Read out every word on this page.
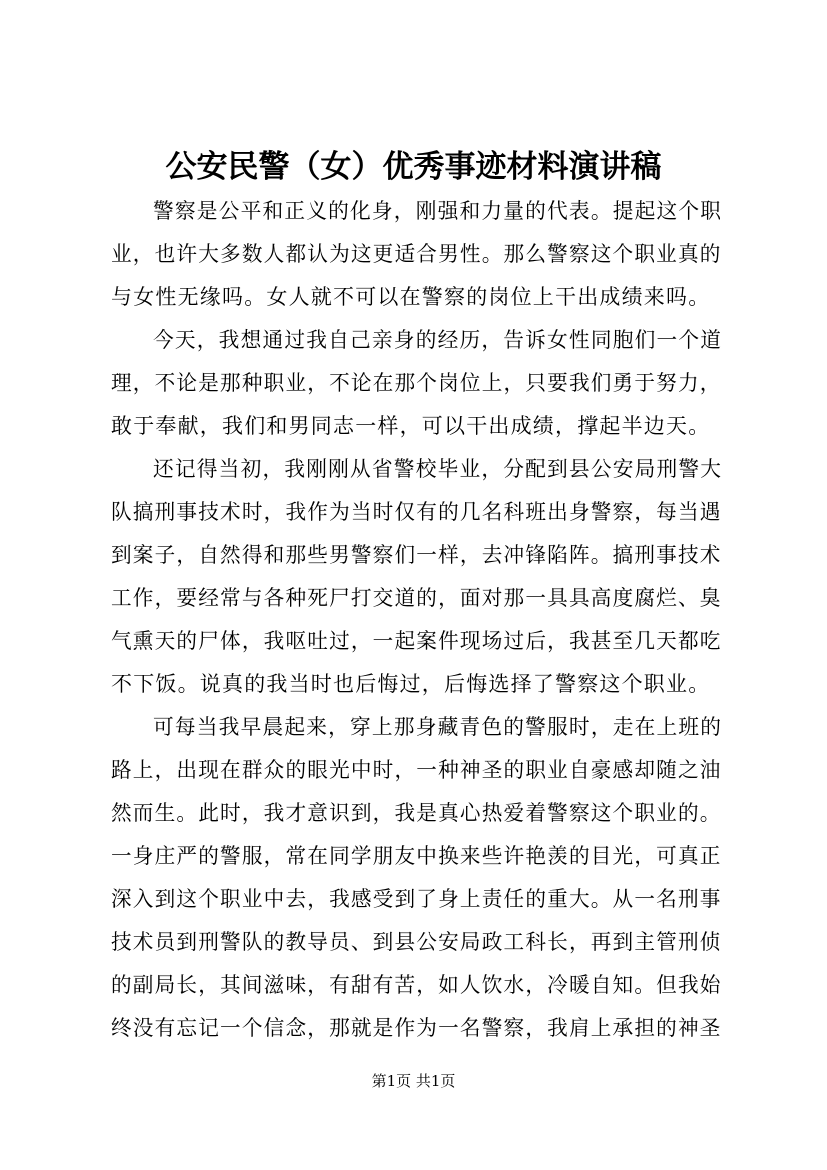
公安民警（女）优秀事迹材料演讲稿
警察是公平和正义的化身，刚强和力量的代表。提起这个职
业，也许大多数人都认为这更适合男性。那么警察这个职业真的
与女性无缘吗。女人就不可以在警察的岗位上干出成绩来吗。
今天，我想通过我自己亲身的经历，告诉女性同胞们一个道
理，不论是那种职业，不论在那个岗位上，只要我们勇于努力，
敢于奉献，我们和男同志一样，可以干出成绩，撑起半边天。
还记得当初，我刚刚从省警校毕业，分配到县公安局刑警大
队搞刑事技术时，我作为当时仅有的几名科班出身警察，每当遇
到案子，自然得和那些男警察们一样，去冲锋陷阵。搞刑事技术
工作，要经常与各种死尸打交道的，面对那一具具高度腐烂、臭
气熏天的尸体，我呕吐过，一起案件现场过后，我甚至几天都吃
不下饭。说真的我当时也后悔过，后悔选择了警察这个职业。
可每当我早晨起来，穿上那身藏青色的警服时，走在上班的
路上，出现在群众的眼光中时，一种神圣的职业自豪感却随之油
然而生。此时，我才意识到，我是真心热爱着警察这个职业的。
一身庄严的警服，常在同学朋友中换来些许艳羡的目光，可真正
深入到这个职业中去，我感受到了身上责任的重大。从一名刑事
技术员到刑警队的教导员、到县公安局政工科长，再到主管刑侦
的副局长，其间滋味，有甜有苦，如人饮水，冷暖自知。但我始
终没有忘记一个信念，那就是作为一名警察，我肩上承担的神圣
第1页 共1页
